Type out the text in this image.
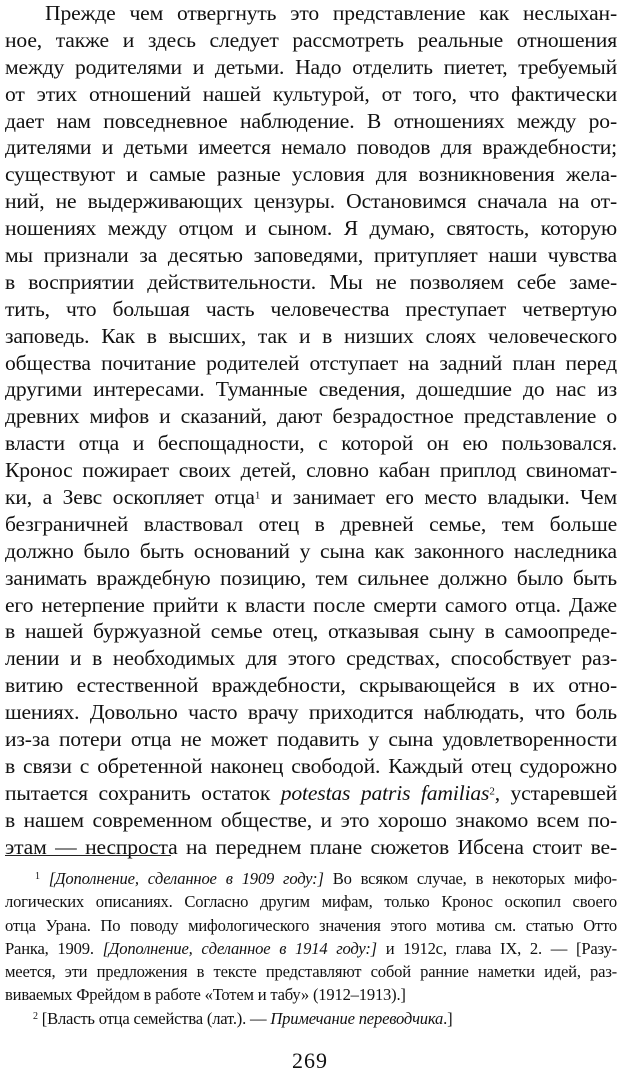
Прежде чем отвергнуть это представление как неслыхан-
ное, также и здесь следует рассмотреть реальные отношения
между родителями и детьми. Надо отделить пиетет, требуемый
от этих отношений нашей культурой, от того, что фактически
дает нам повседневное наблюдение. В отношениях между ро-
дителями и детьми имеется немало поводов для враждебности;
существуют и самые разные условия для возникновения жела-
ний, не выдерживающих цензуры. Остановимся сначала на от-
ношениях между отцом и сыном. Я думаю, святость, которую
мы признали за десятью заповедями, притупляет наши чувства
в восприятии действительности. Мы не позволяем себе заме-
тить, что большая часть человечества преступает четвертую
заповедь. Как в высших, так и в низших слоях человеческого
общества почитание родителей отступает на задний план перед
другими интересами. Туманные сведения, дошедшие до нас из
древних мифов и сказаний, дают безрадостное представление о
власти отца и беспощадности, с которой он ею пользовался.
Кронос пожирает своих детей, словно кабан приплод свиномат-
ки, а Зевс оскопляет отца$^1$ и занимает его место владыки. Чем
безграничней властвовал отец в древней семье, тем больше
должно было быть оснований у сына как законного наследника
занимать враждебную позицию, тем сильнее должно было быть
его нетерпение прийти к власти после смерти самого отца. Даже
в нашей буржуазной семье отец, отказывая сыну в самоопреде-
лении и в необходимых для этого средствах, способствует раз-
витию естественной враждебности, скрывающейся в их отно-
шениях. Довольно часто врачу приходится наблюдать, что боль
из-за потери отца не может подавить у сына удовлетворенности
в связи с обретенной наконец свободой. Каждый отец судорожно
пытается сохранить остаток potestas patris familias$^2$, устаревшей
в нашем современном обществе, и это хорошо знакомо всем по-
этам — неспроста на переднем плане сюжетов Ибсена стоит ве-
$^1$ [Дополнение, сделанное в 1909 году:] Во всяком случае, в некоторых мифо-
логических описаниях. Согласно другим мифам, только Кронос оскопил своего
отца Урана. По поводу мифологического значения этого мотива см. статью Отто
Ранка, 1909. [Дополнение, сделанное в 1914 году:] и 1912c, глава IX, 2. — [Разу-
меется, эти предложения в тексте представляют собой ранние наметки идей, раз-
виваемых Фрейдом в работе «Тотем и табу» (1912–1913).]
$^2$ [Власть отца семейства (лат.). — Примечание переводчика.]
269
